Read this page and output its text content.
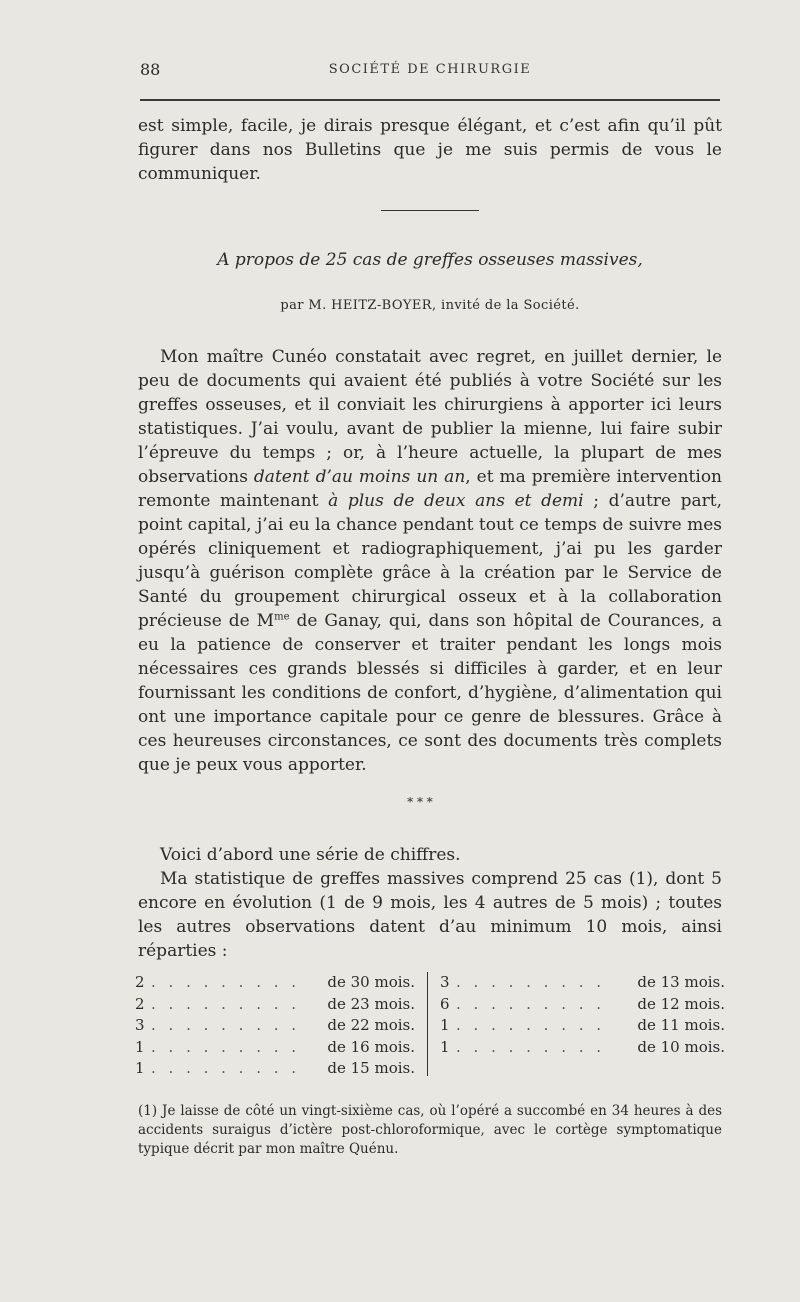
88	SOCIÉTÉ DE CHIRURGIE
est simple, facile, je dirais presque élégant, et c’est afin qu’il pût figurer dans nos Bulletins que je me suis permis de vous le communiquer.
A propos de 25 cas de greffes osseuses massives,
par M. HEITZ-BOYER, invité de la Société.
Mon maître Cunéo constatait avec regret, en juillet dernier, le peu de documents qui avaient été publiés à votre Société sur les greffes osseuses, et il conviait les chirurgiens à apporter ici leurs statistiques. J’ai voulu, avant de publier la mienne, lui faire subir l’épreuve du temps ; or, à l’heure actuelle, la plupart de mes observations datent d’au moins un an, et ma première intervention remonte maintenant à plus de deux ans et demi ; d’autre part, point capital, j’ai eu la chance pendant tout ce temps de suivre mes opérés cliniquement et radiographiquement, j’ai pu les garder jusqu’à guérison complète grâce à la création par le Service de Santé du groupement chirurgical osseux et à la collaboration précieuse de $M^{me}$ de Ganay, qui, dans son hôpital de Courances, a eu la patience de conserver et traiter pendant les longs mois nécessaires ces grands blessés si difficiles à garder, et en leur fournissant les conditions de confort, d’hygiène, d’alimentation qui ont une importance capitale pour ce genre de blessures. Grâce à ces heureuses circonstances, ce sont des documents très complets que je peux vous apporter.
* * *
Voici d’abord une série de chiffres.
Ma statistique de greffes massives comprend 25 cas (1), dont 5 encore en évolution (1 de 9 mois, les 4 autres de 5 mois) ; toutes les autres observations datent d’au minimum 10 mois, ainsi réparties :
2 . . . . . . . . . de 30 mois.
2 . . . . . . . . . de 23 mois.
3 . . . . . . . . . de 22 mois.
1 . . . . . . . . . de 16 mois.
1 . . . . . . . . . de 15 mois.
3 . . . . . . . . . de 13 mois.
6 . . . . . . . . . de 12 mois.
1 . . . . . . . . . de 11 mois.
1 . . . . . . . . . de 10 mois.
(1) Je laisse de côté un vingt-sixième cas, où l’opéré a succombé en 34 heures à des accidents suraigus d’ictère post-chloroformique, avec le cortège symptomatique typique décrit par mon maître Quénu.
